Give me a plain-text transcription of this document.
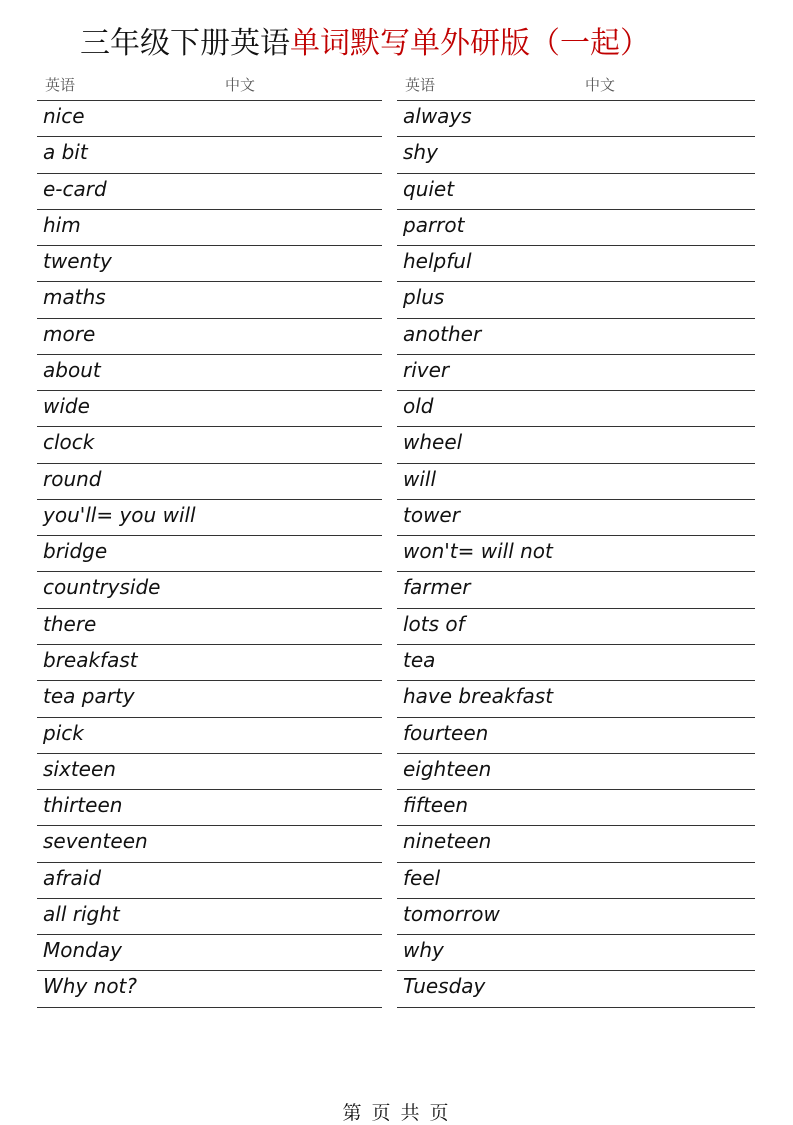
三年级下册英语单词默写单外研版（一起）
英语	中文
nice
a bit
e-card
him
twenty
maths
more
about
wide
clock
round
you'll= you will
bridge
countryside
there
breakfast
tea party
pick
sixteen
thirteen
seventeen
afraid
all right
Monday
Why not?
英语	中文
always
shy
quiet
parrot
helpful
plus
another
river
old
wheel
will
tower
won't= will not
farmer
lots of
tea
have breakfast
fourteen
eighteen
fifteen
nineteen
feel
tomorrow
why
Tuesday
第 页 共 页
